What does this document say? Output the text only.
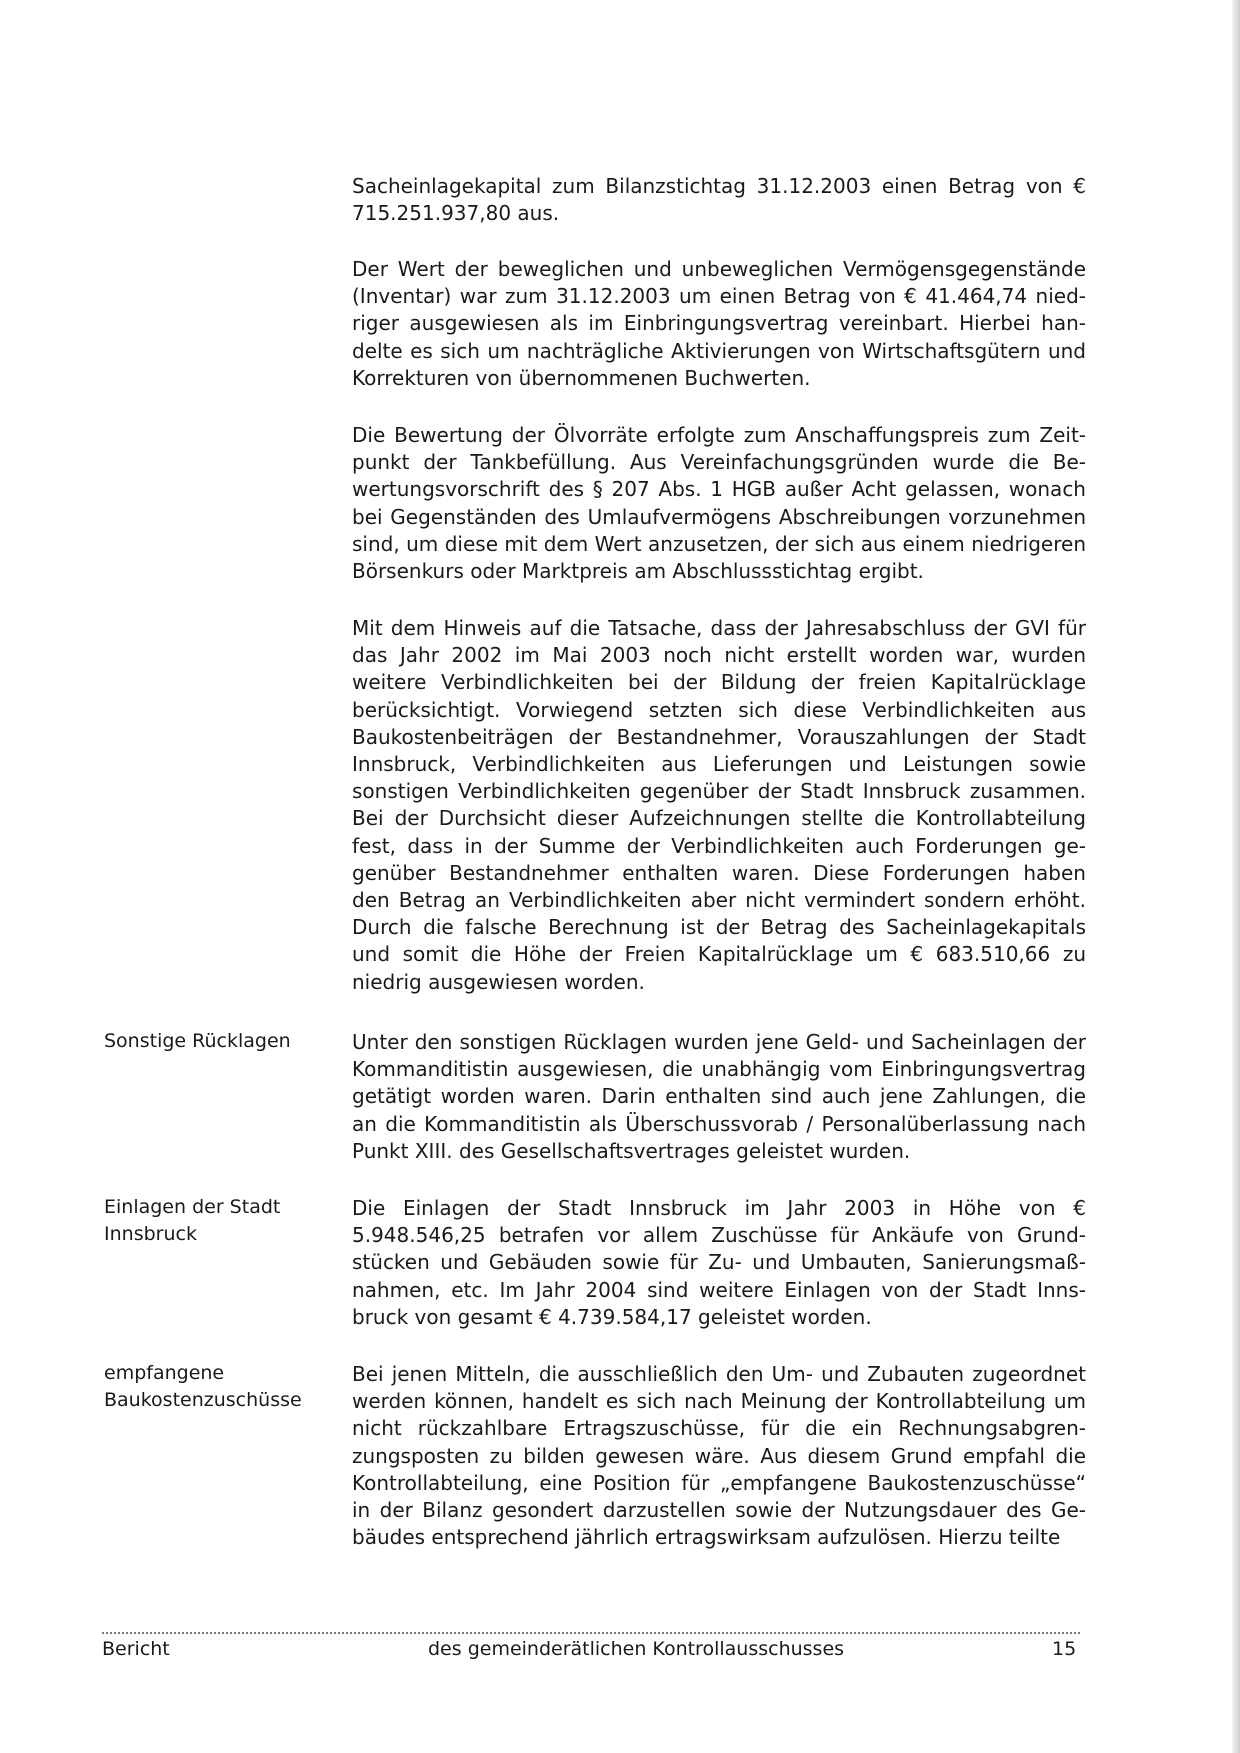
Sacheinlagekapital zum Bilanzstichtag 31.12.2003 einen Betrag von € 715.251.937,80 aus.

Der Wert der beweglichen und unbeweglichen Vermögensgegenstände (Inventar) war zum 31.12.2003 um einen Betrag von € 41.464,74 niedriger ausgewiesen als im Einbringungsvertrag vereinbart. Hierbei handelte es sich um nachträgliche Aktivierungen von Wirtschaftsgütern und Korrekturen von übernommenen Buchwerten.

Die Bewertung der Ölvorräte erfolgte zum Anschaffungspreis zum Zeitpunkt der Tankbefüllung. Aus Vereinfachungsgründen wurde die Bewertungsvorschrift des § 207 Abs. 1 HGB außer Acht gelassen, wonach bei Gegenständen des Umlaufvermögens Abschreibungen vorzunehmen sind, um diese mit dem Wert anzusetzen, der sich aus einem niedrigeren Börsenkurs oder Marktpreis am Abschlussstichtag ergibt.

Mit dem Hinweis auf die Tatsache, dass der Jahresabschluss der GVI für das Jahr 2002 im Mai 2003 noch nicht erstellt worden war, wurden weitere Verbindlichkeiten bei der Bildung der freien Kapitalrücklage berücksichtigt. Vorwiegend setzten sich diese Verbindlichkeiten aus Baukostenbeiträgen der Bestandnehmer, Vorauszahlungen der Stadt Innsbruck, Verbindlichkeiten aus Lieferungen und Leistungen sowie sonstigen Verbindlichkeiten gegenüber der Stadt Innsbruck zusammen. Bei der Durchsicht dieser Aufzeichnungen stellte die Kontrollabteilung fest, dass in der Summe der Verbindlichkeiten auch Forderungen gegenüber Bestandnehmer enthalten waren. Diese Forderungen haben den Betrag an Verbindlichkeiten aber nicht vermindert sondern erhöht. Durch die falsche Berechnung ist der Betrag des Sacheinlagekapitals und somit die Höhe der Freien Kapitalrücklage um € 683.510,66 zu niedrig ausgewiesen worden.

Sonstige Rücklagen	Unter den sonstigen Rücklagen wurden jene Geld- und Sacheinlagen der Kommanditistin ausgewiesen, die unabhängig vom Einbringungsvertrag getätigt worden waren. Darin enthalten sind auch jene Zahlungen, die an die Kommanditistin als Überschussvorab / Personalüberlassung nach Punkt XIII. des Gesellschaftsvertrages geleistet wurden.

Einlagen der Stadt Innsbruck

Die Einlagen der Stadt Innsbruck im Jahr 2003 in Höhe von € 5.948.546,25 betrafen vor allem Zuschüsse für Ankäufe von Grundstücken und Gebäuden sowie für Zu- und Umbauten, Sanierungsmaßnahmen, etc. Im Jahr 2004 sind weitere Einlagen von der Stadt Innsbruck von gesamt € 4.739.584,17 geleistet worden.

empfangene Baukostenzuschüsse

Bei jenen Mitteln, die ausschließlich den Um- und Zubauten zugeordnet werden können, handelt es sich nach Meinung der Kontrollabteilung um nicht rückzahlbare Ertragszuschüsse, für die ein Rechnungsabgrenzungsposten zu bilden gewesen wäre. Aus diesem Grund empfahl die Kontrollabteilung, eine Position für „empfangene Baukostenzuschüsse“ in der Bilanz gesondert darzustellen sowie der Nutzungsdauer des Gebäudes entsprechend jährlich ertragswirksam aufzulösen. Hierzu teilte

Bericht	des gemeinderätlichen Kontrollausschusses	15
